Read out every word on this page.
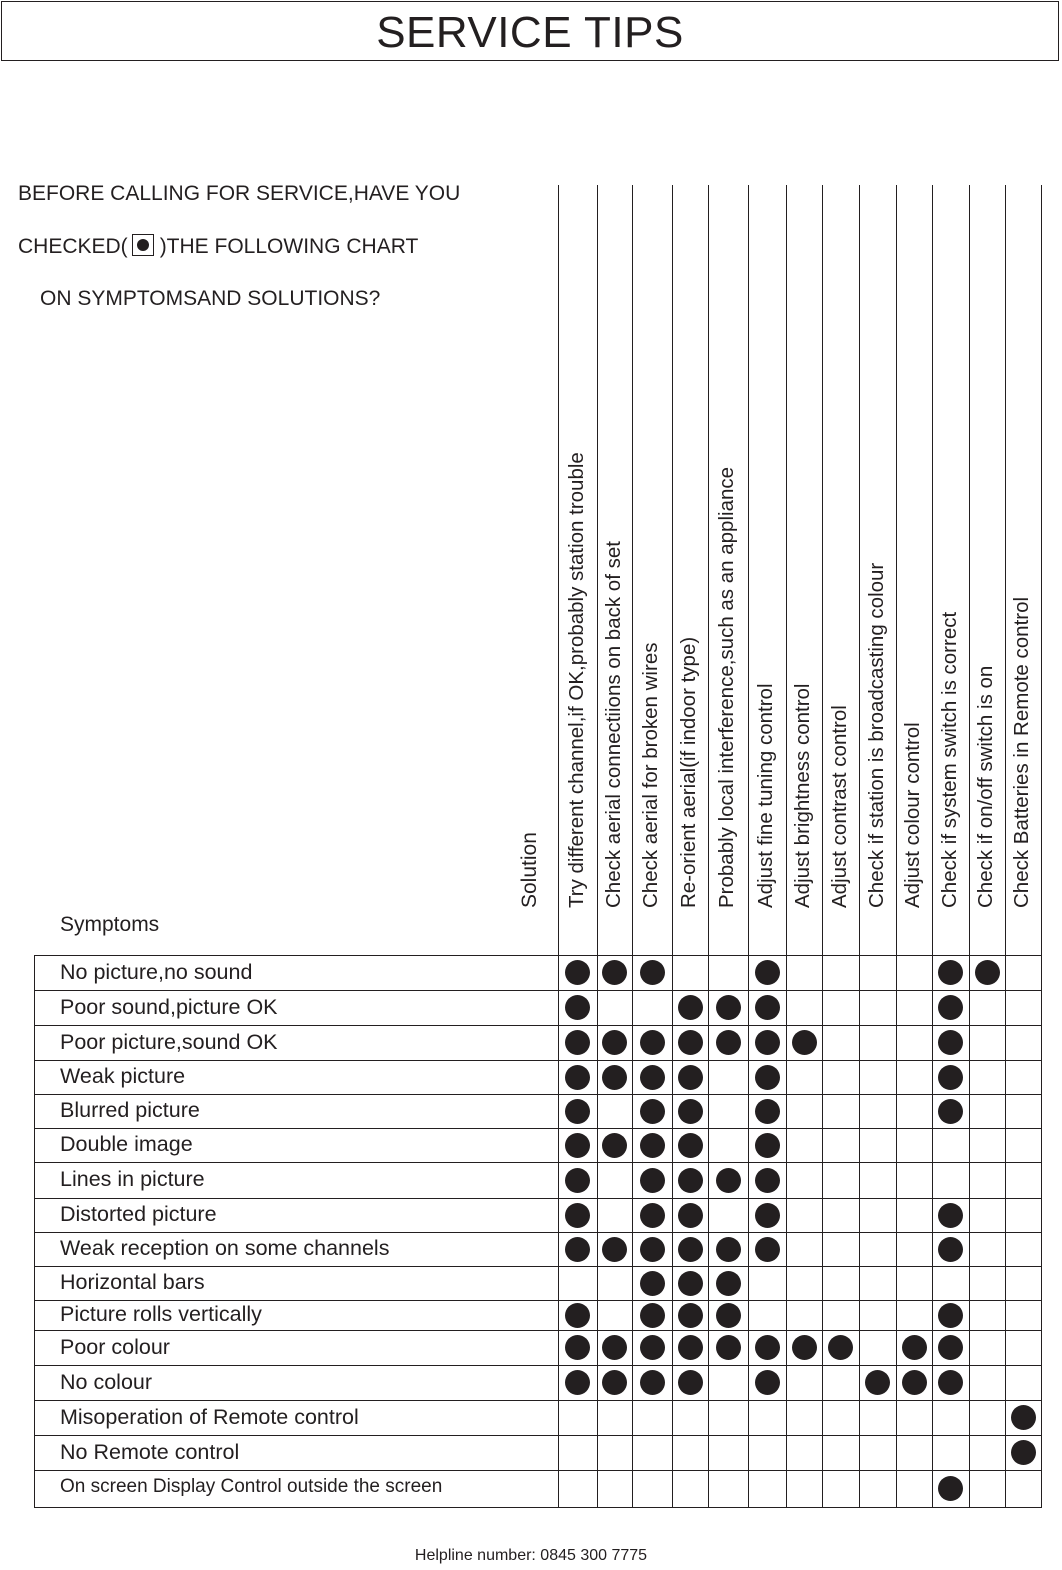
SERVICE TIPS
BEFORE CALLING FOR SERVICE,HAVE YOU
CHECKED( )THE FOLLOWING CHART
ON SYMPTOMSAND SOLUTIONS?
Solution
Symptoms
Try different channel,if OK,probably station trouble Check aerial connectiions on back of set Check aerial for broken wires Re-orient aerial(if indoor type) Probably local interference,such as an appliance Adjust fine tuning control Adjust brightness control Adjust contrast control Check if station is broadcasting colour Adjust colour control Check if system switch is correct Check if on/off switch is on Check Batteries in Remote control
No picture,no sound
Poor sound,picture OK
Poor picture,sound OK
Weak picture
Blurred picture
Double image
Lines in picture
Distorted picture
Weak reception on some channels
Horizontal bars
Picture rolls vertically
Poor colour
No colour
Misoperation of Remote control
No Remote control
On screen Display Control outside the screen
Helpline number: 0845 300 7775
